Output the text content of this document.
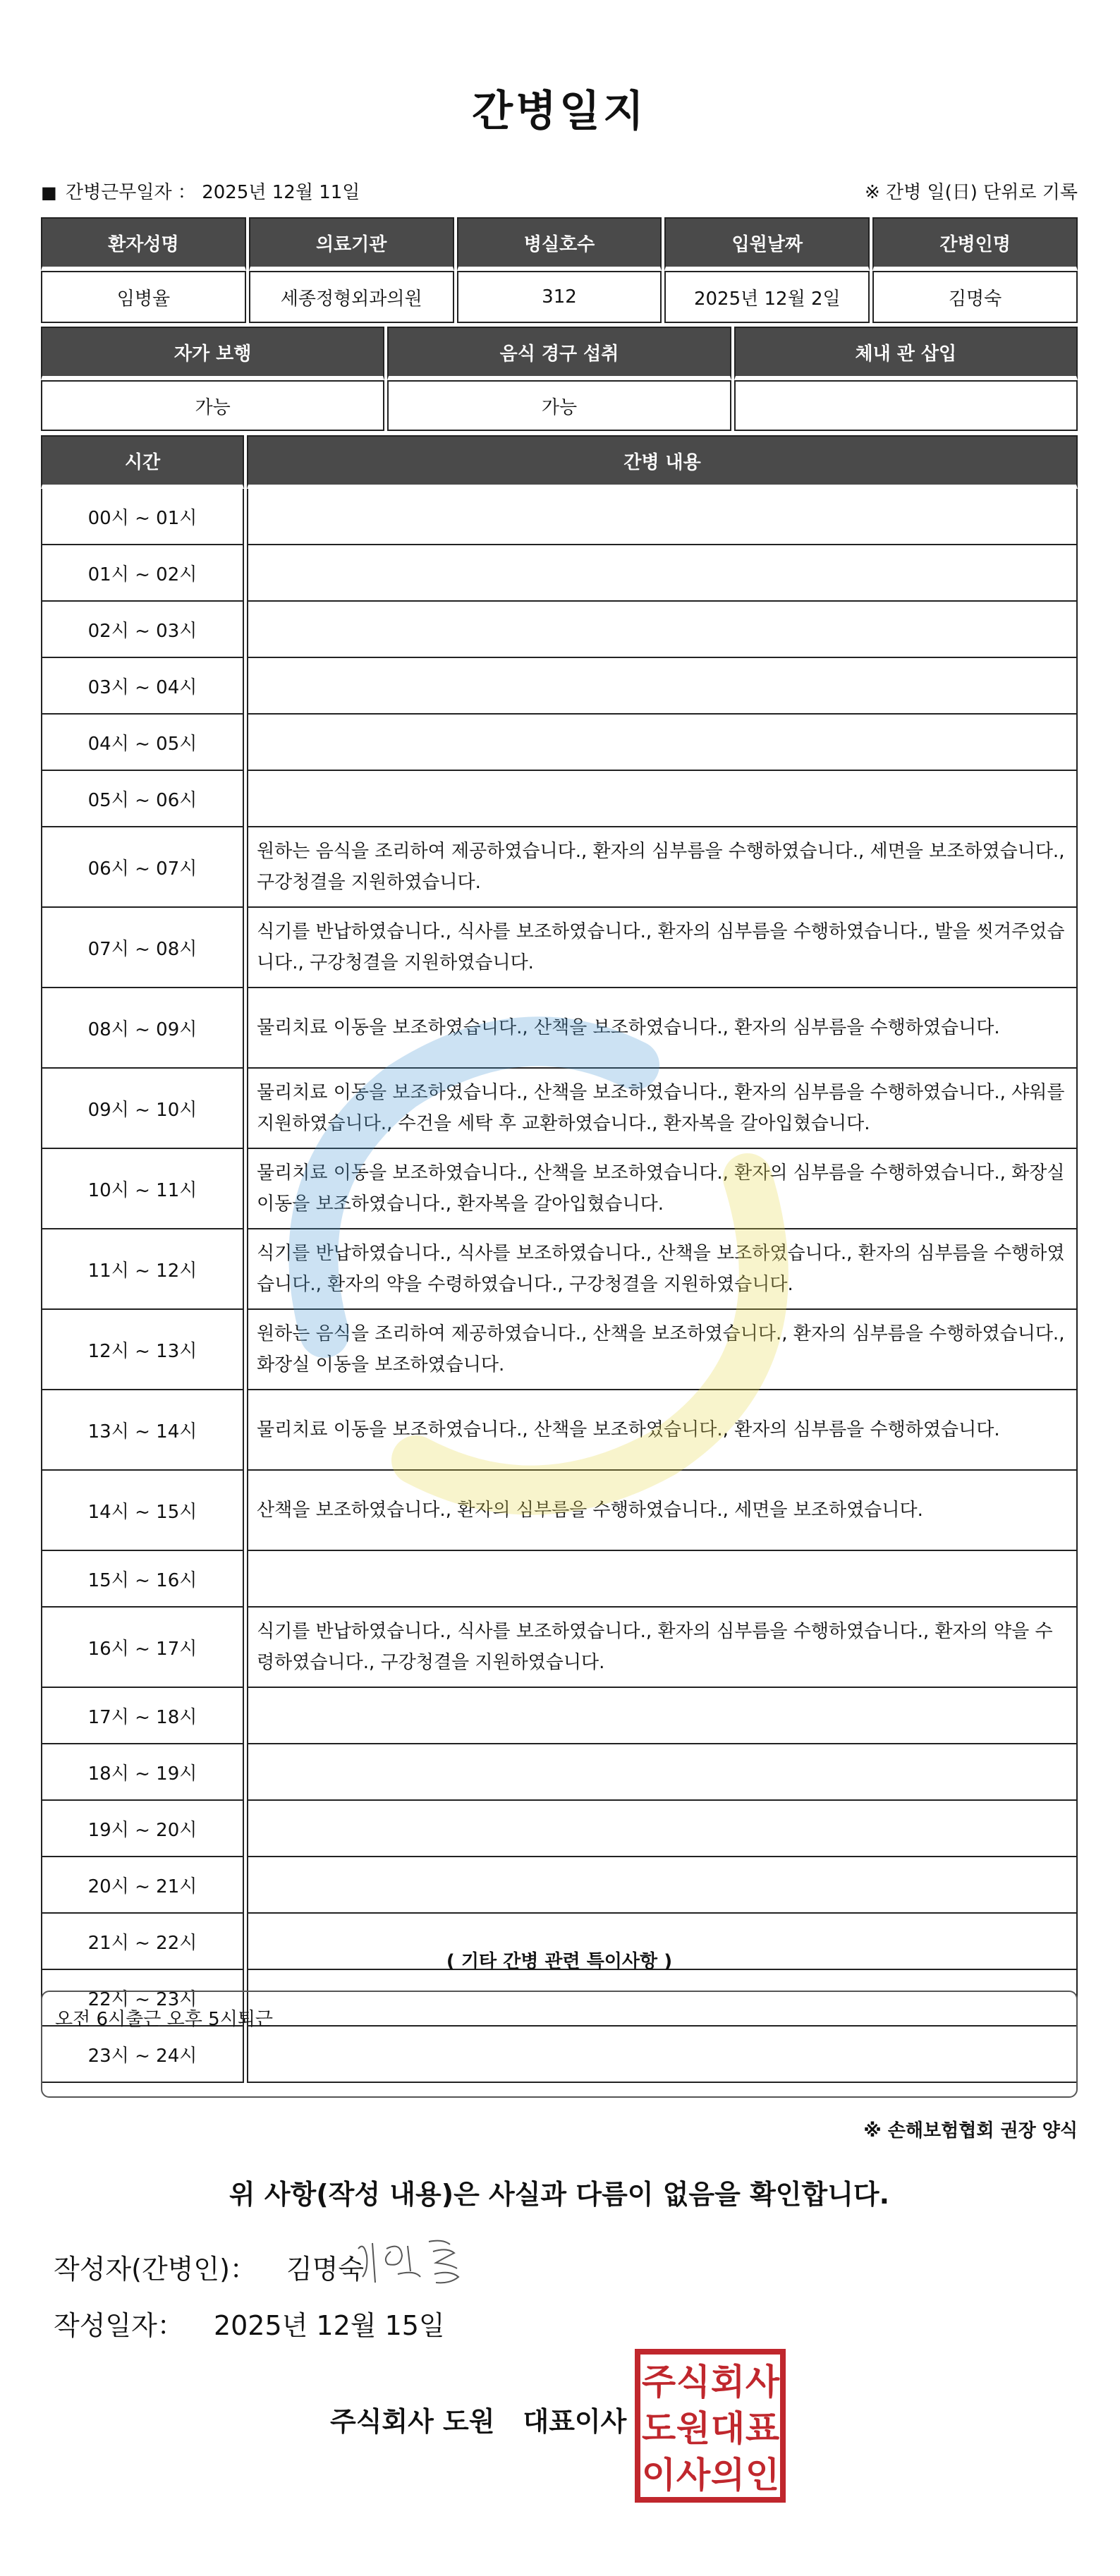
간병일지
■ 간병근무일자 ： 2025년 12월 11일	※ 간병 일(日) 단위로 기록
환자성명	의료기관	병실호수	입원날짜	간병인명
임병율	세종정형외과의원	312	2025년 12월 2일	김명숙
자가 보행	음식 경구 섭취	체내 관 삽입
가능	가능	
시간	간병 내용
00시 ~ 01시	
01시 ~ 02시	
02시 ~ 03시	
03시 ~ 04시	
04시 ~ 05시	
05시 ~ 06시	
06시 ~ 07시	원하는 음식을 조리하여 제공하였습니다., 환자의 심부름을 수행하였습니다., 세면을 보조하였습니다., 구강청결을 지원하였습니다.
07시 ~ 08시	식기를 반납하였습니다., 식사를 보조하였습니다., 환자의 심부름을 수행하였습니다., 발을 씻겨주었습니다., 구강청결을 지원하였습니다.
08시 ~ 09시	물리치료 이동을 보조하였습니다., 산책을 보조하였습니다., 환자의 심부름을 수행하였습니다.
09시 ~ 10시	물리치료 이동을 보조하였습니다., 산책을 보조하였습니다., 환자의 심부름을 수행하였습니다., 샤워를 지원하였습니다., 수건을 세탁 후 교환하였습니다., 환자복을 갈아입혔습니다.
10시 ~ 11시	물리치료 이동을 보조하였습니다., 산책을 보조하였습니다., 환자의 심부름을 수행하였습니다., 화장실 이동을 보조하였습니다., 환자복을 갈아입혔습니다.
11시 ~ 12시	식기를 반납하였습니다., 식사를 보조하였습니다., 산책을 보조하였습니다., 환자의 심부름을 수행하였습니다., 환자의 약을 수령하였습니다., 구강청결을 지원하였습니다.
12시 ~ 13시	원하는 음식을 조리하여 제공하였습니다., 산책을 보조하였습니다., 환자의 심부름을 수행하였습니다., 화장실 이동을 보조하였습니다.
13시 ~ 14시	물리치료 이동을 보조하였습니다., 산책을 보조하였습니다., 환자의 심부름을 수행하였습니다.
14시 ~ 15시	산책을 보조하였습니다., 환자의 심부름을 수행하였습니다., 세면을 보조하였습니다.
15시 ~ 16시	
16시 ~ 17시	식기를 반납하였습니다., 식사를 보조하였습니다., 환자의 심부름을 수행하였습니다., 환자의 약을 수령하였습니다., 구강청결을 지원하였습니다.
17시 ~ 18시	
18시 ~ 19시	
19시 ~ 20시	
20시 ~ 21시	
21시 ~ 22시	
22시 ~ 23시	
23시 ~ 24시	
( 기타 간병 관련 특이사항 )
오전 6시출근 오후 5시퇴근
※ 손해보험협회 권장 양식
위 사항(작성 내용)은 사실과 다름이 없음을 확인합니다.
작성자(간병인)： 김명숙
작성일자： 2025년 12월 15일
주식회사 도원 대표이사
주 식 회 사
도 원 대 표
이 사 의 인
